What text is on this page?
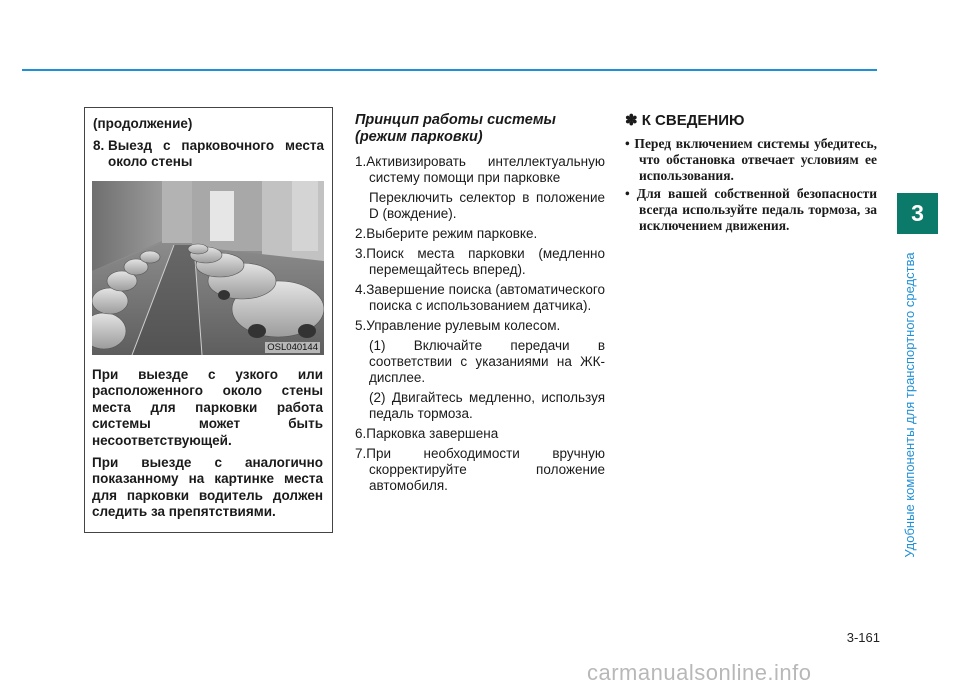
3
Удобные компоненты для транспортного средства

(продолжение)

8. Выезд с парковочного места около стены
OSL040144

При выезде с узкого или расположенного около стены места для парковки работа системы может быть несоответствующей.

При выезде с аналогично показанному на картинке места для парковки водитель должен следить за препятствиями.

Принцип работы системы (режим парковки)
1.Активизировать интеллектуальную систему помощи при парковке
Переключить селектор в положение D (вождение).
2.Выберите режим парковке.
3.Поиск места парковки (медленно перемещайтесь вперед).
4.Завершение поиска (автоматического поиска с использованием датчика).
5.Управление рулевым колесом.
(1) Включайте передачи в соответствии с указаниями на ЖК-дисплее.
(2) Двигайтесь медленно, используя педаль тормоза.
6.Парковка завершена
7.При необходимости вручную скорректируйте положение автомобиля.
✽ К СВЕДЕНИЮ
• Перед включением системы убедитесь, что обстановка отвечает условиям ее использования.
• Для вашей собственной безопасности всегда используйте педаль тормоза, за исключением движения.
3-161
carmanualsonline.info
